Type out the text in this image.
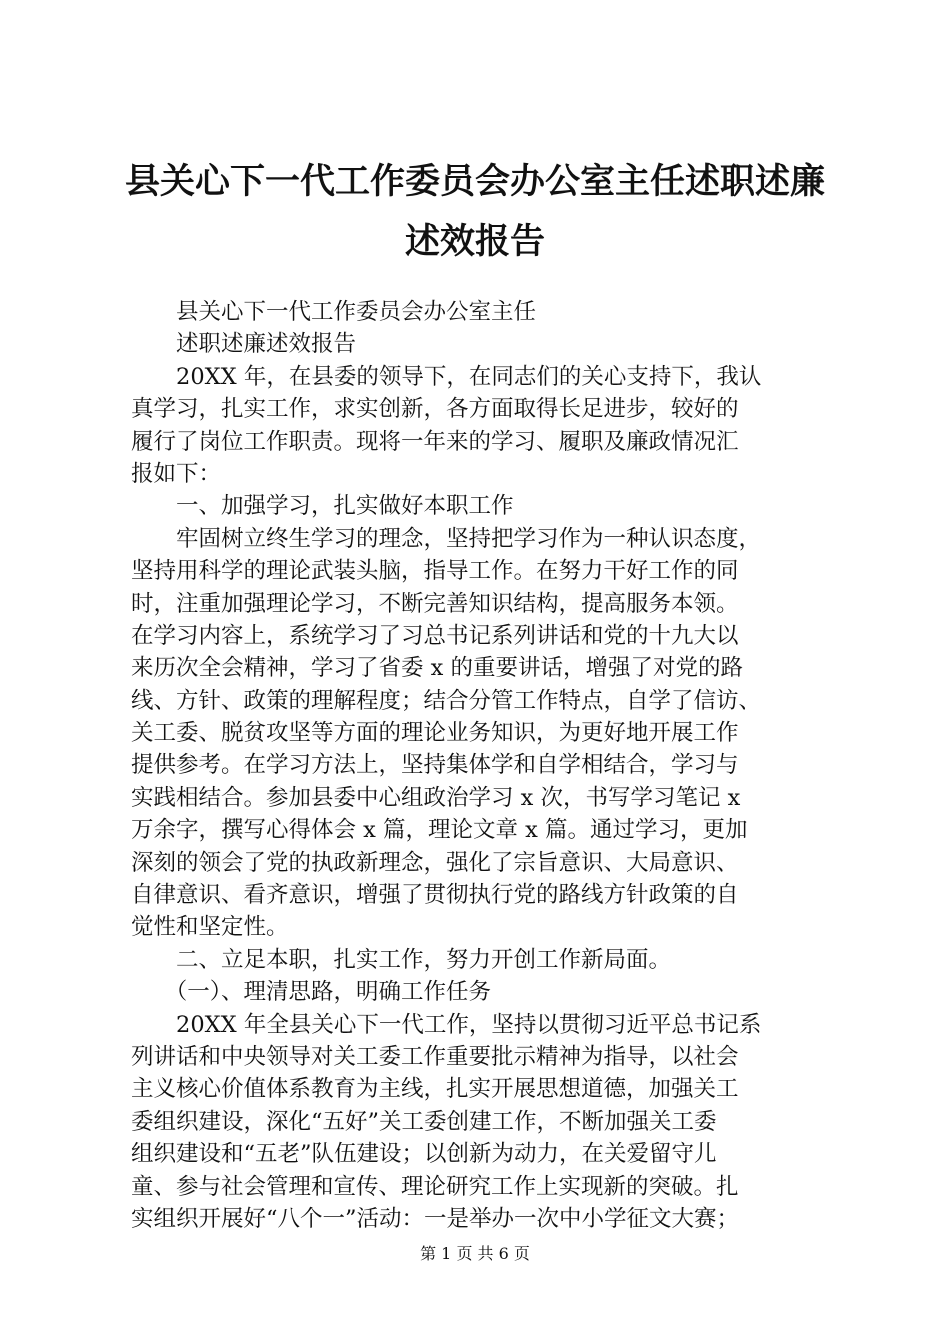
县关心下一代工作委员会办公室主任述职述廉
述效报告
　　县关心下一代工作委员会办公室主任
　　述职述廉述效报告
　　20XX 年，在县委的领导下，在同志们的关心支持下，我认
真学习，扎实工作，求实创新，各方面取得长足进步，较好的
履行了岗位工作职责。现将一年来的学习、履职及廉政情况汇
报如下：
　　一、加强学习，扎实做好本职工作
　　牢固树立终生学习的理念，坚持把学习作为一种认识态度，
坚持用科学的理论武装头脑，指导工作。在努力干好工作的同
时，注重加强理论学习，不断完善知识结构，提高服务本领。
在学习内容上，系统学习了习总书记系列讲话和党的十九大以
来历次全会精神，学习了省委 x 的重要讲话，增强了对党的路
线、方针、政策的理解程度；结合分管工作特点，自学了信访、
关工委、脱贫攻坚等方面的理论业务知识，为更好地开展工作
提供参考。在学习方法上，坚持集体学和自学相结合，学习与
实践相结合。参加县委中心组政治学习 x 次，书写学习笔记 x
万余字，撰写心得体会 x 篇，理论文章 x 篇。通过学习，更加
深刻的领会了党的执政新理念，强化了宗旨意识、大局意识、
自律意识、看齐意识，增强了贯彻执行党的路线方针政策的自
觉性和坚定性。
　　二、立足本职，扎实工作，努力开创工作新局面。
　　（一）、理清思路，明确工作任务
　　20XX 年全县关心下一代工作，坚持以贯彻习近平总书记系
列讲话和中央领导对关工委工作重要批示精神为指导，以社会
主义核心价值体系教育为主线，扎实开展思想道德，加强关工
委组织建设，深化“五好”关工委创建工作，不断加强关工委
组织建设和“五老”队伍建设；以创新为动力，在关爱留守儿
童、参与社会管理和宣传、理论研究工作上实现新的突破。扎
实组织开展好“八个一”活动：一是举办一次中小学征文大赛；
第 1 页 共 6 页
